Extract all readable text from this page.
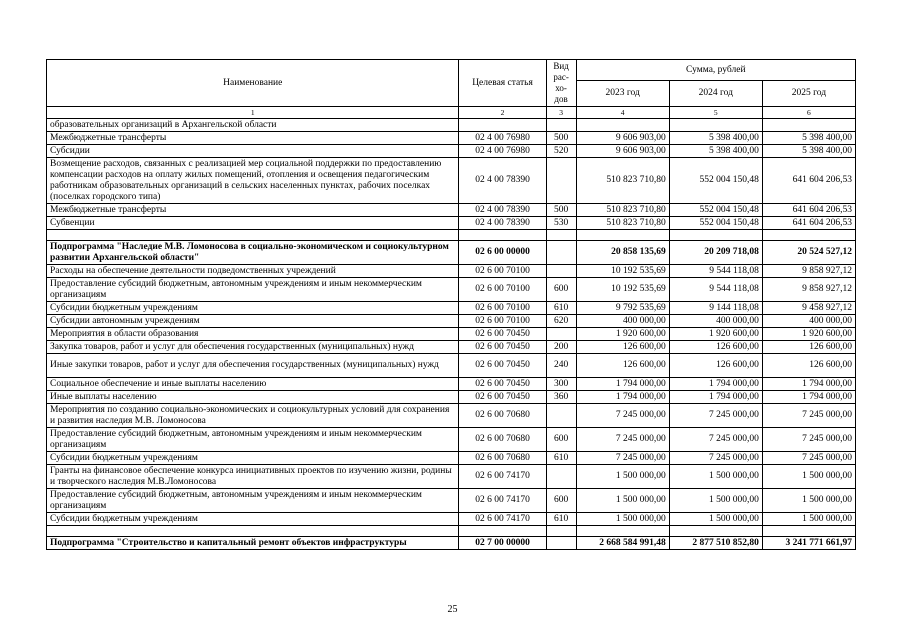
Наименование	Целевая статья	Вид рас-хо-дов	Сумма, рублей		
			2023 год	2024 год	2025 год
1	2	3	4	5	6
образовательных организаций в Архангельской области					
Межбюджетные трансферты	02 4 00 76980	500	9 606 903,00	5 398 400,00	5 398 400,00
Субсидии	02 4 00 76980	520	9 606 903,00	5 398 400,00	5 398 400,00
Возмещение расходов, связанных с реализацией мер социальной поддержки по предоставлению компенсации расходов на оплату жилых помещений, отопления и освещения педагогическим работникам образовательных организаций в сельских населенных пунктах, рабочих поселках (поселках городского типа)	02 4 00 78390		510 823 710,80	552 004 150,48	641 604 206,53
Межбюджетные трансферты	02 4 00 78390	500	510 823 710,80	552 004 150,48	641 604 206,53
Субвенции	02 4 00 78390	530	510 823 710,80	552 004 150,48	641 604 206,53

Подпрограмма "Наследие М.В. Ломоносова в социально-экономическом и социокультурном развитии Архангельской области"	02 6 00 00000		20 858 135,69	20 209 718,08	20 524 527,12
Расходы на обеспечение деятельности подведомственных учреждений	02 6 00 70100		10 192 535,69	9 544 118,08	9 858 927,12
Предоставление субсидий бюджетным, автономным учреждениям и иным некоммерческим организациям	02 6 00 70100	600	10 192 535,69	9 544 118,08	9 858 927,12
Субсидии бюджетным учреждениям	02 6 00 70100	610	9 792 535,69	9 144 118,08	9 458 927,12
Субсидии автономным учреждениям	02 6 00 70100	620	400 000,00	400 000,00	400 000,00
Мероприятия в области образования	02 6 00 70450		1 920 600,00	1 920 600,00	1 920 600,00
Закупка товаров, работ и услуг для обеспечения государственных (муниципальных) нужд	02 6 00 70450	200	126 600,00	126 600,00	126 600,00
Иные закупки товаров, работ и услуг для обеспечения государственных (муниципальных) нужд	02 6 00 70450	240	126 600,00	126 600,00	126 600,00
Социальное обеспечение и иные выплаты населению	02 6 00 70450	300	1 794 000,00	1 794 000,00	1 794 000,00
Иные выплаты населению	02 6 00 70450	360	1 794 000,00	1 794 000,00	1 794 000,00
Мероприятия по созданию социально-экономических и социокультурных условий для сохранения и развития наследия М.В. Ломоносова	02 6 00 70680		7 245 000,00	7 245 000,00	7 245 000,00
Предоставление субсидий бюджетным, автономным учреждениям и иным некоммерческим организациям	02 6 00 70680	600	7 245 000,00	7 245 000,00	7 245 000,00
Субсидии бюджетным учреждениям	02 6 00 70680	610	7 245 000,00	7 245 000,00	7 245 000,00
Гранты на финансовое обеспечение конкурса инициативных проектов по изучению жизни, родины и творческого наследия М.В.Ломоносова	02 6 00 74170		1 500 000,00	1 500 000,00	1 500 000,00
Предоставление субсидий бюджетным, автономным учреждениям и иным некоммерческим организациям	02 6 00 74170	600	1 500 000,00	1 500 000,00	1 500 000,00
Субсидии бюджетным учреждениям	02 6 00 74170	610	1 500 000,00	1 500 000,00	1 500 000,00

Подпрограмма "Строительство и капитальный ремонт объектов инфраструктуры	02 7 00 00000		2 668 584 991,48	2 877 510 852,80	3 241 771 661,97
25
